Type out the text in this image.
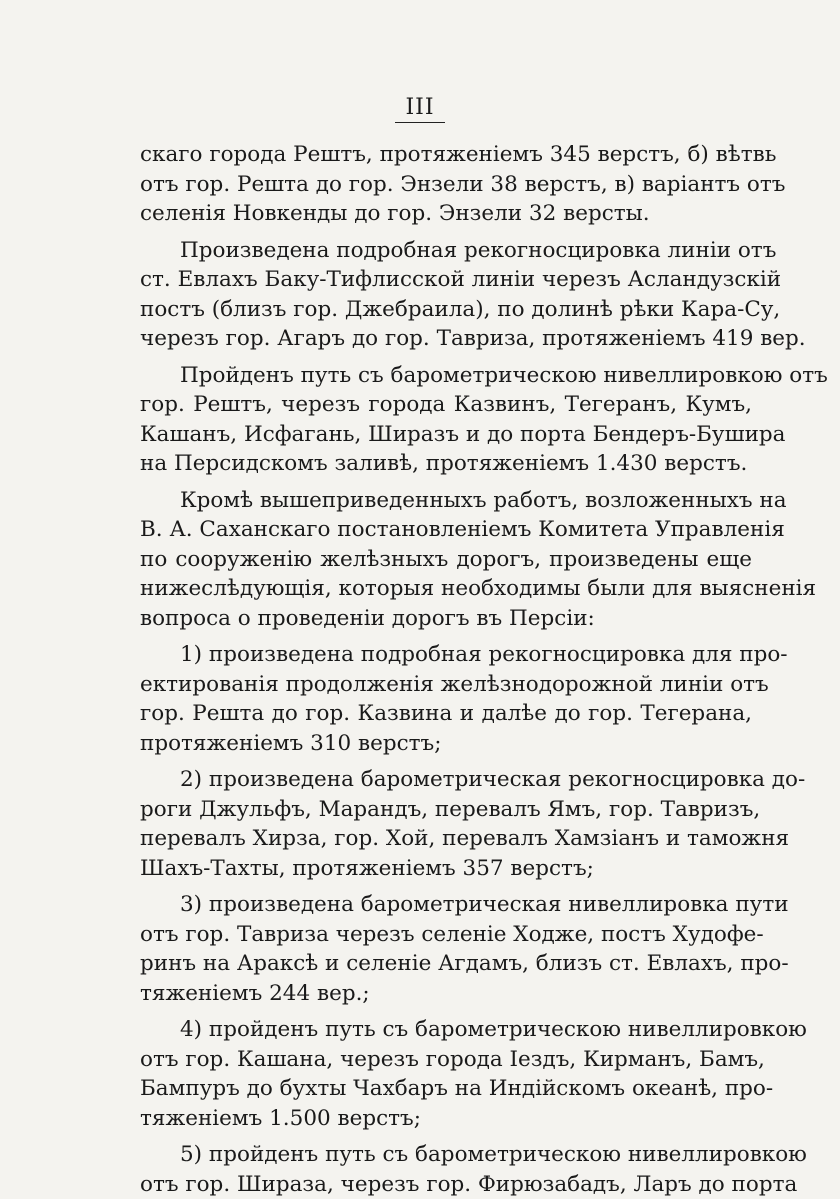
III
скаго города Рештъ, протяженіемъ 345 верстъ, б) вѣтвь
отъ гор. Решта до гор. Энзели 38 верстъ, в) варіантъ отъ
селенія Новкенды до гор. Энзели 32 версты.
Произведена подробная рекогносцировка линіи отъ
ст. Евлахъ Баку-Тифлисской линіи черезъ Асландузскій
постъ (близъ гор. Джебраила), по долинѣ рѣки Кара-Су,
черезъ гор. Агаръ до гор. Тавриза, протяженіемъ 419 вер.
Пройденъ путь съ барометрическою нивеллировкою отъ
гор. Рештъ, черезъ города Казвинъ, Тегеранъ, Кумъ,
Кашанъ, Исфагань, Ширазъ и до порта Бендеръ-Бушира
на Персидскомъ заливѣ, протяженіемъ 1.430 верстъ.
Кромѣ вышеприведенныхъ работъ, возложенныхъ на
В. А. Саханскаго постановленіемъ Комитета Управленія
по сооруженію желѣзныхъ дорогъ, произведены еще
нижеслѣдующія, которыя необходимы были для выясненія
вопроса о проведеніи дорогъ въ Персіи:
1) произведена подробная рекогносцировка для про-
ектированія продолженія желѣзнодорожной линіи отъ
гор. Решта до гор. Казвина и далѣе до гор. Тегерана,
протяженіемъ 310 верстъ;
2) произведена барометрическая рекогносцировка до-
роги Джульфъ, Марандъ, перевалъ Ямъ, гор. Тавризъ,
перевалъ Хирза, гор. Хой, перевалъ Хамзіанъ и таможня
Шахъ-Тахты, протяженіемъ 357 верстъ;
3) произведена барометрическая нивеллировка пути
отъ гор. Тавриза черезъ селеніе Ходже, постъ Худофе-
ринъ на Араксѣ и селеніе Агдамъ, близъ ст. Евлахъ, про-
тяженіемъ 244 вер.;
4) пройденъ путь съ барометрическою нивеллировкою
отъ гор. Кашана, черезъ города Іездъ, Кирманъ, Бамъ,
Бампуръ до бухты Чахбаръ на Индійскомъ океанѣ, про-
тяженіемъ 1.500 верстъ;
5) пройденъ путь съ барометрическою нивеллировкою
отъ гор. Шираза, черезъ гор. Фирюзабадъ, Ларъ до порта
